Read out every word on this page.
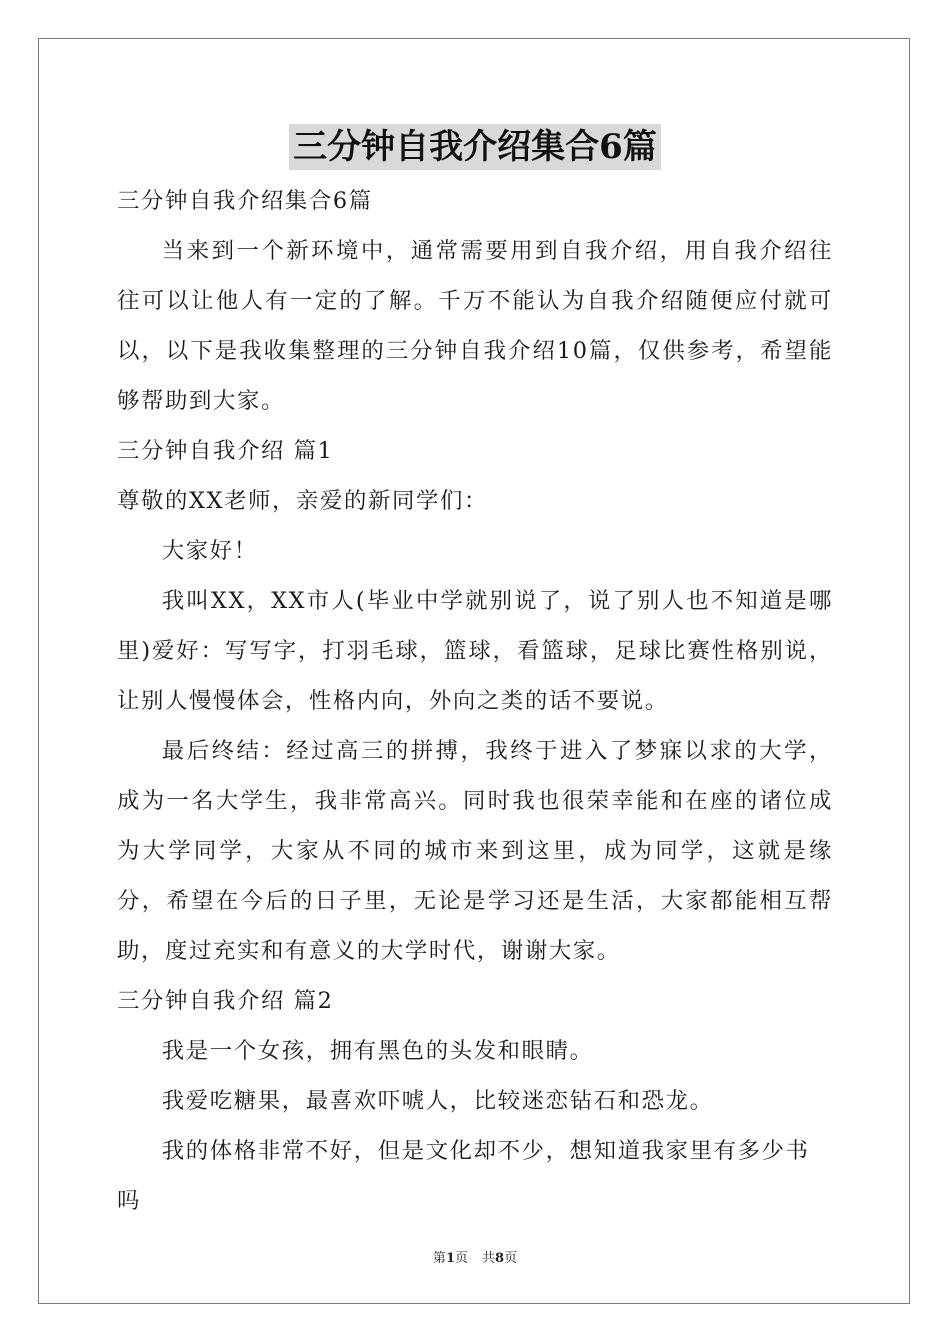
三分钟自我介绍集合6篇

三分钟自我介绍集合6篇

当来到一个新环境中，通常需要用到自我介绍，用自我介绍往往可以让他人有一定的了解。千万不能认为自我介绍随便应付就可以，以下是我收集整理的三分钟自我介绍10篇，仅供参考，希望能够帮助到大家。

三分钟自我介绍 篇1

尊敬的XX老师，亲爱的新同学们：

大家好！

我叫XX，XX市人(毕业中学就别说了，说了别人也不知道是哪里)爱好：写写字，打羽毛球，篮球，看篮球，足球比赛性格别说，让别人慢慢体会，性格内向，外向之类的话不要说。

最后终结：经过高三的拼搏，我终于进入了梦寐以求的大学，成为一名大学生，我非常高兴。同时我也很荣幸能和在座的诸位成为大学同学，大家从不同的城市来到这里，成为同学，这就是缘分，希望在今后的日子里，无论是学习还是生活，大家都能相互帮助，度过充实和有意义的大学时代，谢谢大家。

三分钟自我介绍 篇2

我是一个女孩，拥有黑色的头发和眼睛。

我爱吃糖果，最喜欢吓唬人，比较迷恋钻石和恐龙。

我的体格非常不好，但是文化却不少，想知道我家里有多少书吗

第1页 共8页
